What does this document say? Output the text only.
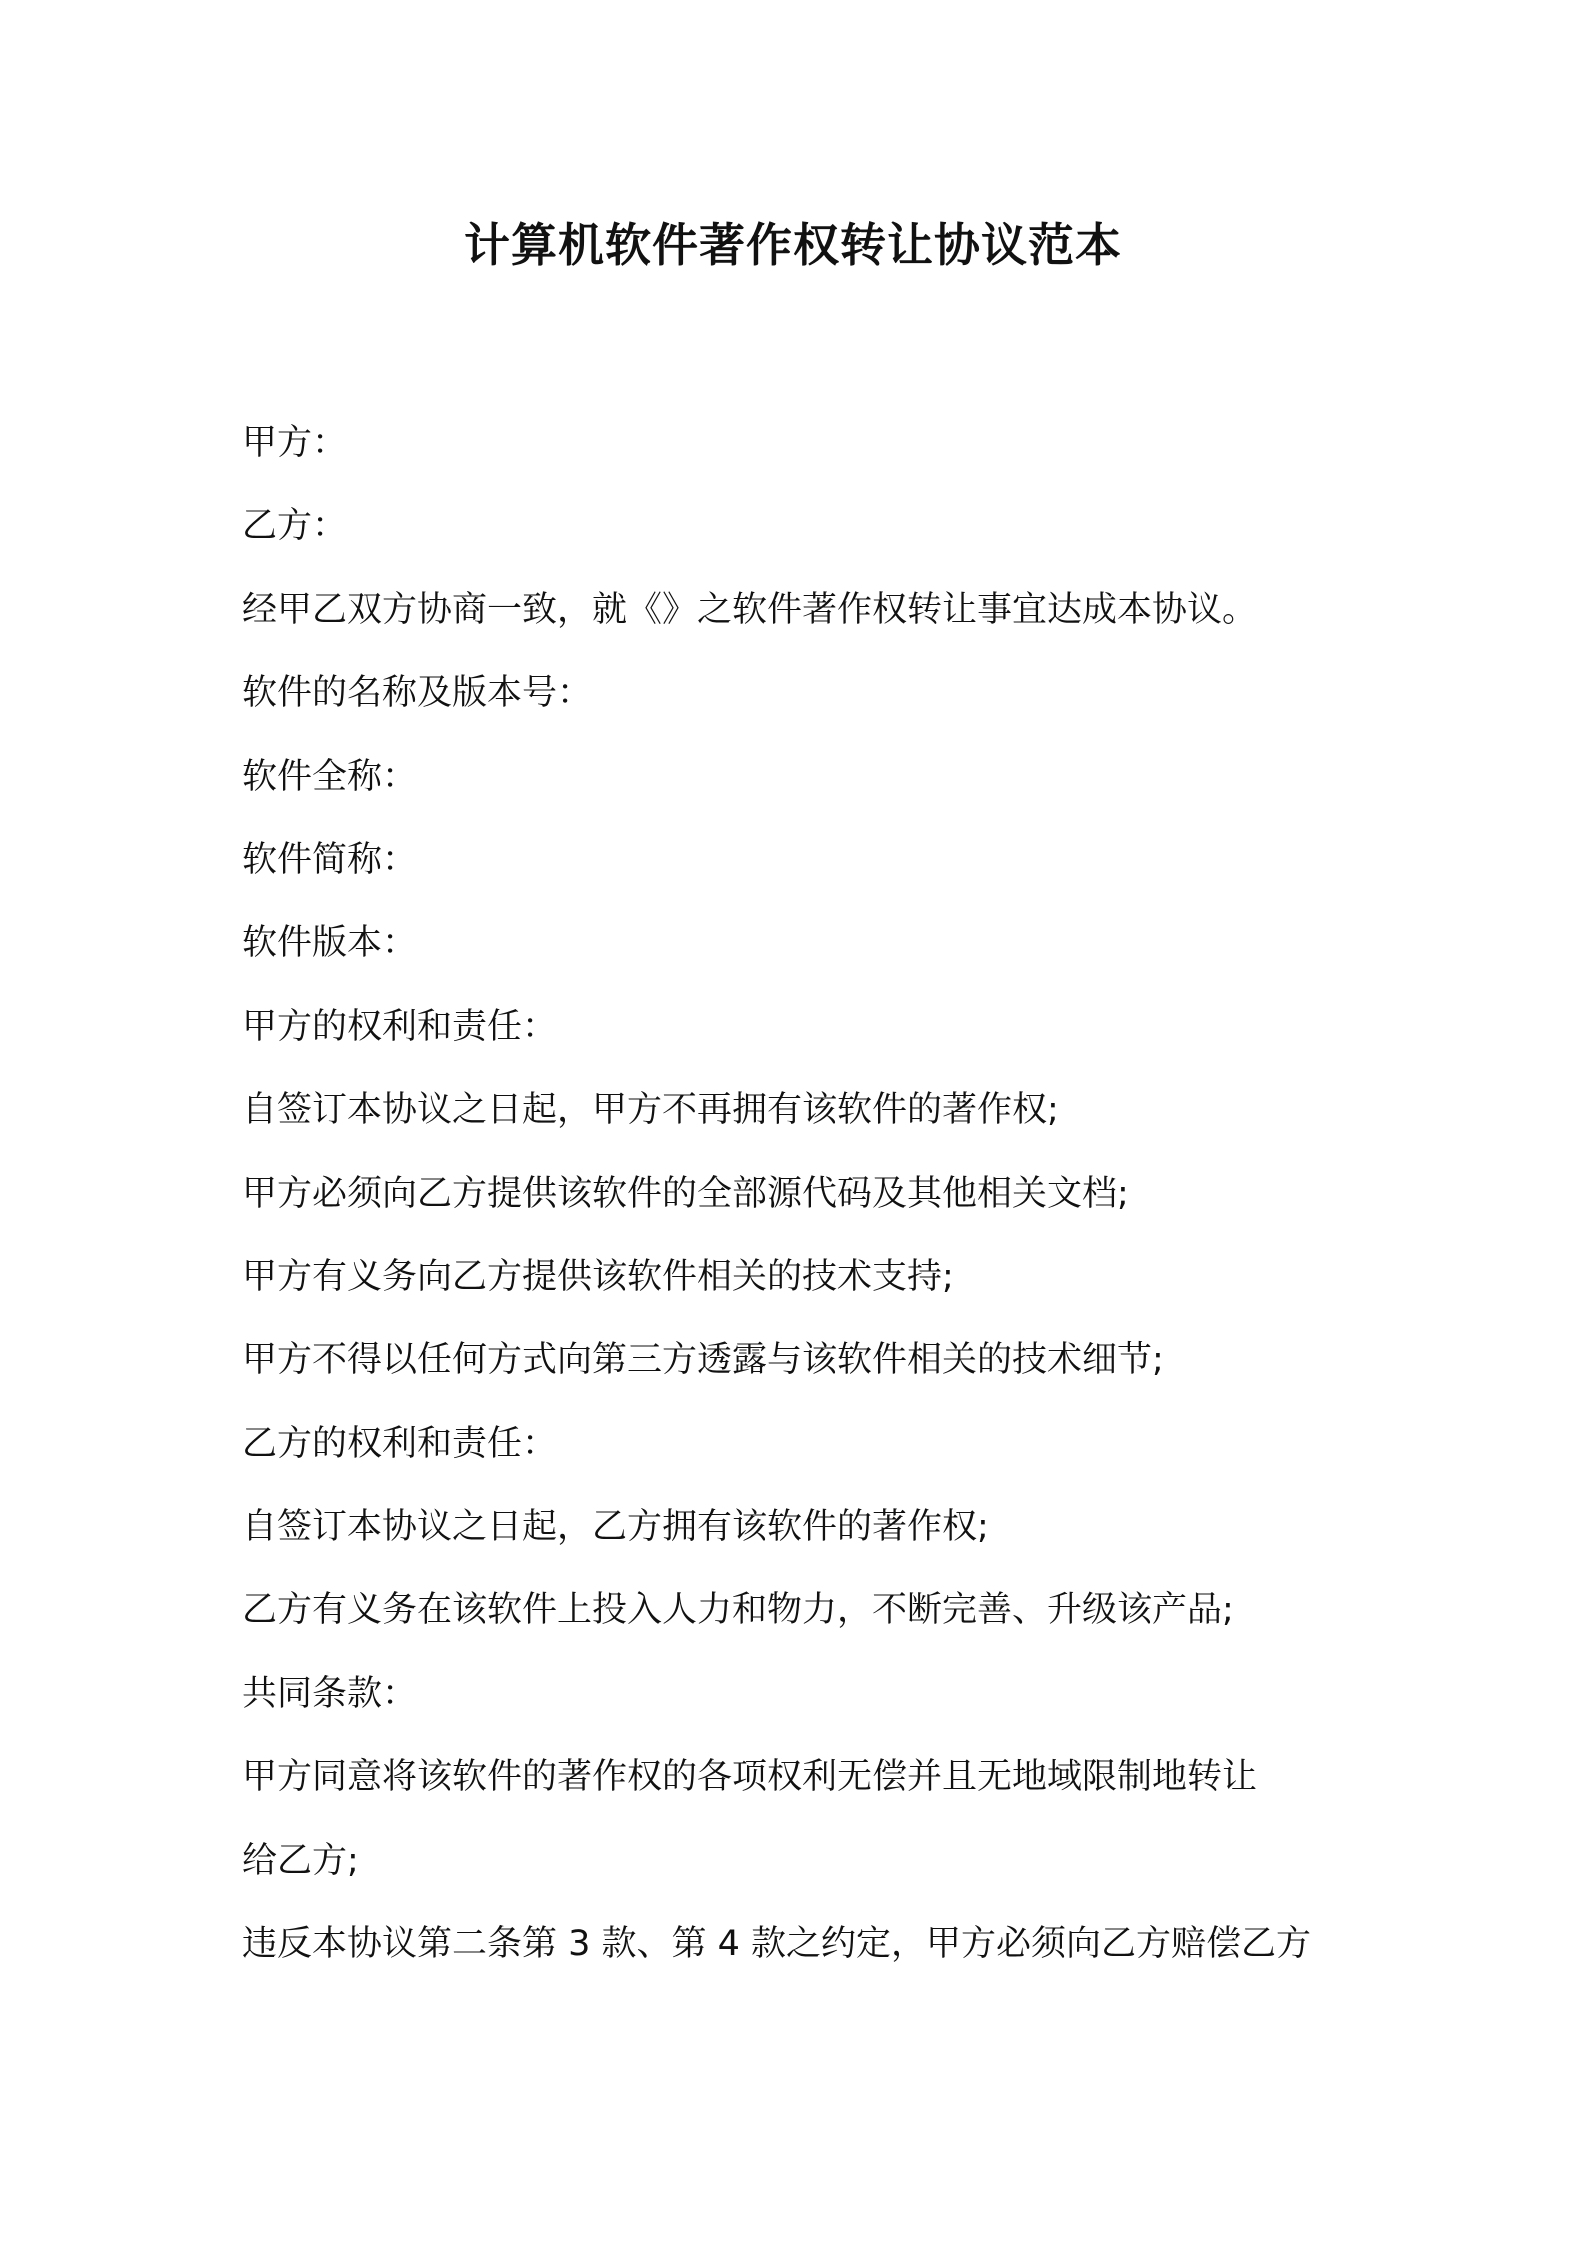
计算机软件著作权转让协议范本
甲方：
乙方：
经甲乙双方协商一致，就《》之软件著作权转让事宜达成本协议。
软件的名称及版本号：
软件全称：
软件简称：
软件版本：
甲方的权利和责任：
自签订本协议之日起，甲方不再拥有该软件的著作权;
甲方必须向乙方提供该软件的全部源代码及其他相关文档;
甲方有义务向乙方提供该软件相关的技术支持;
甲方不得以任何方式向第三方透露与该软件相关的技术细节;
乙方的权利和责任：
自签订本协议之日起，乙方拥有该软件的著作权;
乙方有义务在该软件上投入人力和物力，不断完善、升级该产品;
共同条款：
甲方同意将该软件的著作权的各项权利无偿并且无地域限制地转让
给乙方;
违反本协议第二条第 3 款、第 4 款之约定，甲方必须向乙方赔偿乙方
